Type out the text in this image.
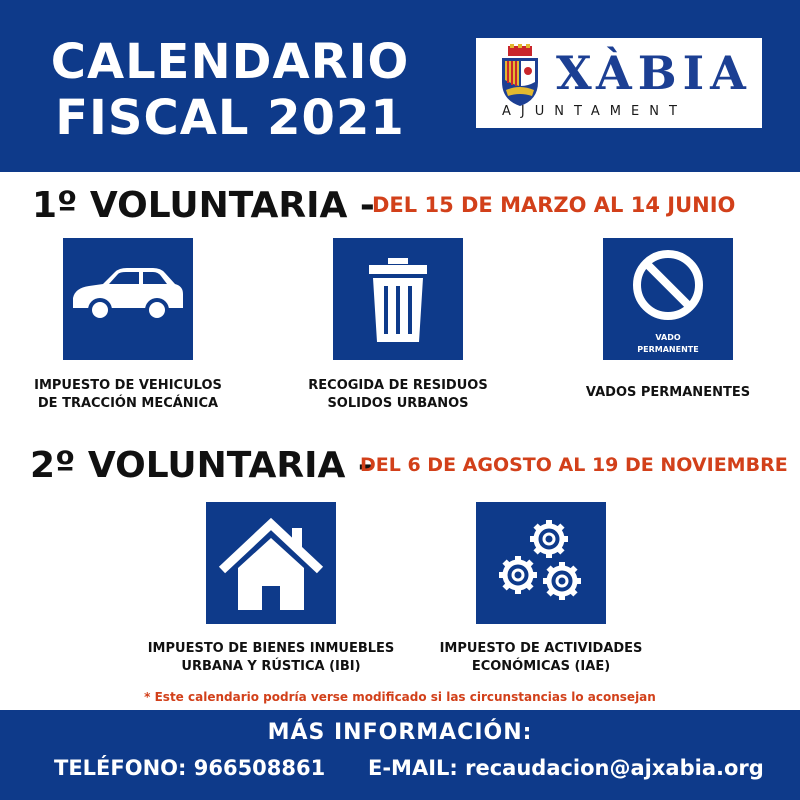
CALENDARIO
FISCAL 2021
XÀBIA
AJUNTAMENT
1º VOLUNTARIA -
DEL 15 DE MARZO AL 14 JUNIO
IMPUESTO DE VEHICULOS
DE TRACCIÓN MECÁNICA
RECOGIDA DE RESIDUOS
SOLIDOS URBANOS
VADO
PERMANENTE
VADOS PERMANENTES
2º VOLUNTARIA -
DEL 6 DE AGOSTO AL 19 DE NOVIEMBRE
IMPUESTO DE BIENES INMUEBLES
URBANA Y RÚSTICA (IBI)
IMPUESTO DE ACTIVIDADES
ECONÓMICAS (IAE)
* Este calendario podría verse modificado si las circunstancias lo aconsejan
MÁS INFORMACIÓN:
TELÉFONO: 966508861 E-MAIL: recaudacion@ajxabia.org
